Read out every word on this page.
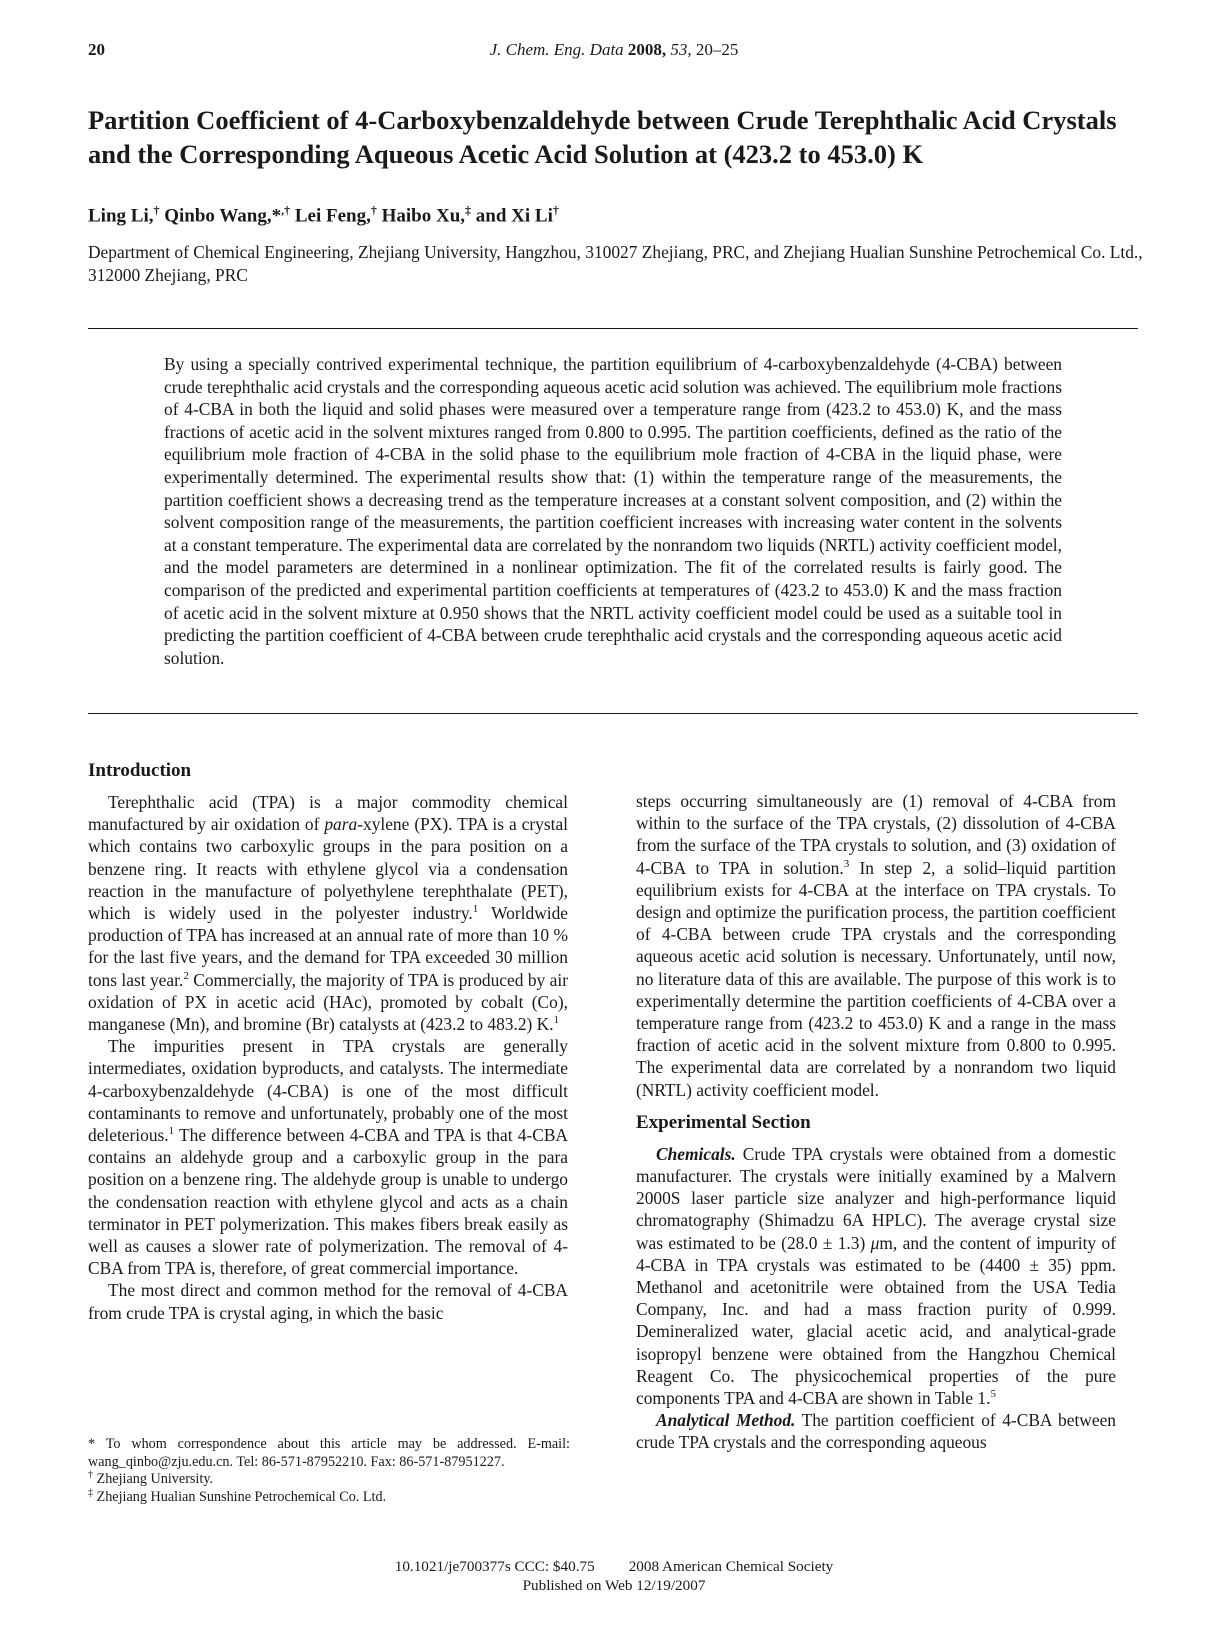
20	J. Chem. Eng. Data 2008, 53, 20–25
Partition Coefficient of 4-Carboxybenzaldehyde between Crude Terephthalic Acid Crystals and the Corresponding Aqueous Acetic Acid Solution at (423.2 to 453.0) K
Ling Li,† Qinbo Wang,*,† Lei Feng,† Haibo Xu,‡ and Xi Li†

Department of Chemical Engineering, Zhejiang University, Hangzhou, 310027 Zhejiang, PRC, and Zhejiang Hualian Sunshine Petrochemical Co. Ltd., 312000 Zhejiang, PRC

By using a specially contrived experimental technique, the partition equilibrium of 4-carboxybenzaldehyde (4-CBA) between crude terephthalic acid crystals and the corresponding aqueous acetic acid solution was achieved. The equilibrium mole fractions of 4-CBA in both the liquid and solid phases were measured over a temperature range from (423.2 to 453.0) K, and the mass fractions of acetic acid in the solvent mixtures ranged from 0.800 to 0.995. The partition coefficients, defined as the ratio of the equilibrium mole fraction of 4-CBA in the solid phase to the equilibrium mole fraction of 4-CBA in the liquid phase, were experimentally determined. The experimental results show that: (1) within the temperature range of the measurements, the partition coefficient shows a decreasing trend as the temperature increases at a constant solvent composition, and (2) within the solvent composition range of the measurements, the partition coefficient increases with increasing water content in the solvents at a constant temperature. The experimental data are correlated by the nonrandom two liquids (NRTL) activity coefficient model, and the model parameters are determined in a nonlinear optimization. The fit of the correlated results is fairly good. The comparison of the predicted and experimental partition coefficients at temperatures of (423.2 to 453.0) K and the mass fraction of acetic acid in the solvent mixture at 0.950 shows that the NRTL activity coefficient model could be used as a suitable tool in predicting the partition coefficient of 4-CBA between crude terephthalic acid crystals and the corresponding aqueous acetic acid solution.

Introduction

Terephthalic acid (TPA) is a major commodity chemical manufactured by air oxidation of para-xylene (PX). TPA is a crystal which contains two carboxylic groups in the para position on a benzene ring. It reacts with ethylene glycol via a condensation reaction in the manufacture of polyethylene terephthalate (PET), which is widely used in the polyester industry.$^1$ Worldwide production of TPA has increased at an annual rate of more than 10 % for the last five years, and the demand for TPA exceeded 30 million tons last year.$^2$ Commercially, the majority of TPA is produced by air oxidation of PX in acetic acid (HAc), promoted by cobalt (Co), manganese (Mn), and bromine (Br) catalysts at (423.2 to 483.2) K.$^1$

The impurities present in TPA crystals are generally intermediates, oxidation byproducts, and catalysts. The intermediate 4-carboxybenzaldehyde (4-CBA) is one of the most difficult contaminants to remove and unfortunately, probably one of the most deleterious.$^1$ The difference between 4-CBA and TPA is that 4-CBA contains an aldehyde group and a carboxylic group in the para position on a benzene ring. The aldehyde group is unable to undergo the condensation reaction with ethylene glycol and acts as a chain terminator in PET polymerization. This makes fibers break easily as well as causes a slower rate of polymerization. The removal of 4-CBA from TPA is, therefore, of great commercial importance.

The most direct and common method for the removal of 4-CBA from crude TPA is crystal aging, in which the basic

* To whom correspondence about this article may be addressed. E-mail: wang_qinbo@zju.edu.cn. Tel: 86-571-87952210. Fax: 86-571-87951227.
† Zhejiang University.
‡ Zhejiang Hualian Sunshine Petrochemical Co. Ltd.

steps occurring simultaneously are (1) removal of 4-CBA from within to the surface of the TPA crystals, (2) dissolution of 4-CBA from the surface of the TPA crystals to solution, and (3) oxidation of 4-CBA to TPA in solution.$^3$ In step 2, a solid–liquid partition equilibrium exists for 4-CBA at the interface on TPA crystals. To design and optimize the purification process, the partition coefficient of 4-CBA between crude TPA crystals and the corresponding aqueous acetic acid solution is necessary. Unfortunately, until now, no literature data of this are available. The purpose of this work is to experimentally determine the partition coefficients of 4-CBA over a temperature range from (423.2 to 453.0) K and a range in the mass fraction of acetic acid in the solvent mixture from 0.800 to 0.995. The experimental data are correlated by a nonrandom two liquid (NRTL) activity coefficient model.

Experimental Section

Chemicals. Crude TPA crystals were obtained from a domestic manufacturer. The crystals were initially examined by a Malvern 2000S laser particle size analyzer and high-performance liquid chromatography (Shimadzu 6A HPLC). The average crystal size was estimated to be (28.0 ± 1.3) μm, and the content of impurity of 4-CBA in TPA crystals was estimated to be (4400 ± 35) ppm. Methanol and acetonitrile were obtained from the USA Tedia Company, Inc. and had a mass fraction purity of 0.999. Demineralized water, glacial acetic acid, and analytical-grade isopropyl benzene were obtained from the Hangzhou Chemical Reagent Co. The physicochemical properties of the pure components TPA and 4-CBA are shown in Table 1.$^5$

Analytical Method. The partition coefficient of 4-CBA between crude TPA crystals and the corresponding aqueous

10.1021/je700377s CCC: $40.75 2008 American Chemical Society
Published on Web 12/19/2007
